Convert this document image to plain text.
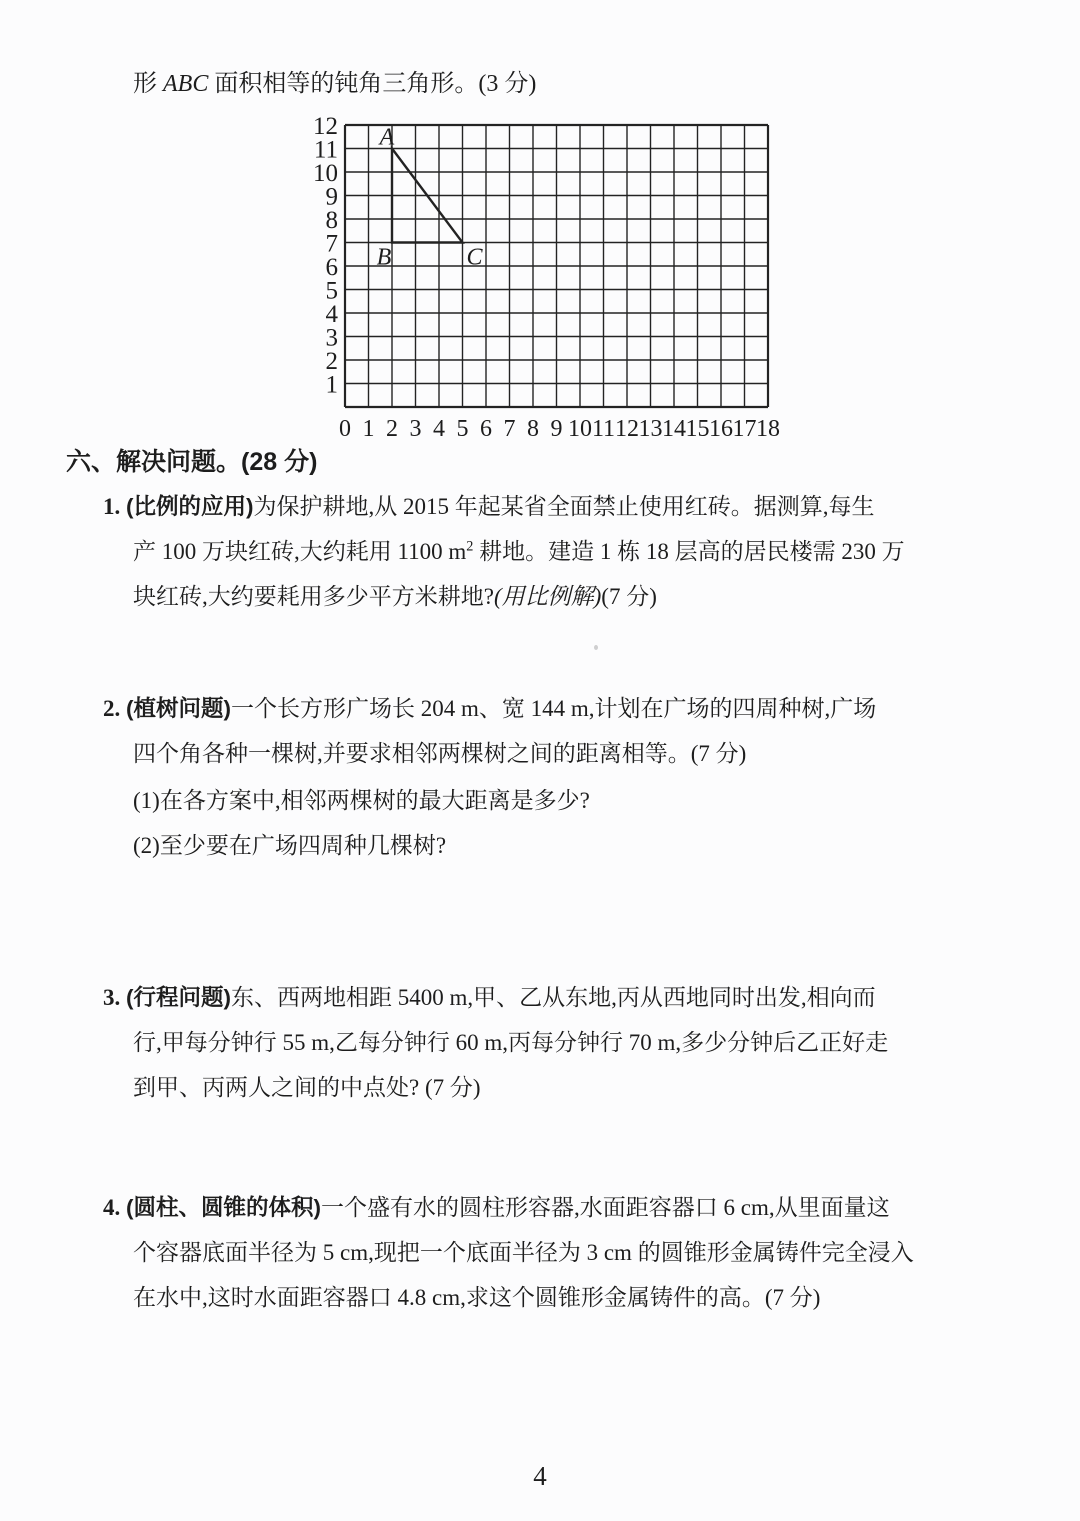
形 ABC 面积相等的钝角三角形。(3 分)
1
2
3
4
5
6
7
8
9
10
11
12
0 1 2 3 4 5 6 7 8 9 10 11 12 13 14 15 16 17 18
A
B	C
六、解决问题。(28 分)
1. (比例的应用)为保护耕地,从 2015 年起某省全面禁止使用红砖。据测算,每生
产 100 万块红砖,大约耗用 1100 $m^2$ 耕地。建造 1 栋 18 层高的居民楼需 230 万
块红砖,大约要耗用多少平方米耕地?(用比例解)(7 分)
2. (植树问题)一个长方形广场长 204 m、宽 144 m,计划在广场的四周种树,广场
四个角各种一棵树,并要求相邻两棵树之间的距离相等。(7 分)
(1)在各方案中,相邻两棵树的最大距离是多少?
(2)至少要在广场四周种几棵树?
3. (行程问题)东、西两地相距 5400 m,甲、乙从东地,丙从西地同时出发,相向而
行,甲每分钟行 55 m,乙每分钟行 60 m,丙每分钟行 70 m,多少分钟后乙正好走
到甲、丙两人之间的中点处? (7 分)
4. (圆柱、圆锥的体积)一个盛有水的圆柱形容器,水面距容器口 6 cm,从里面量这
个容器底面半径为 5 cm,现把一个底面半径为 3 cm 的圆锥形金属铸件完全浸入
在水中,这时水面距容器口 4.8 cm,求这个圆锥形金属铸件的高。(7 分)
4
